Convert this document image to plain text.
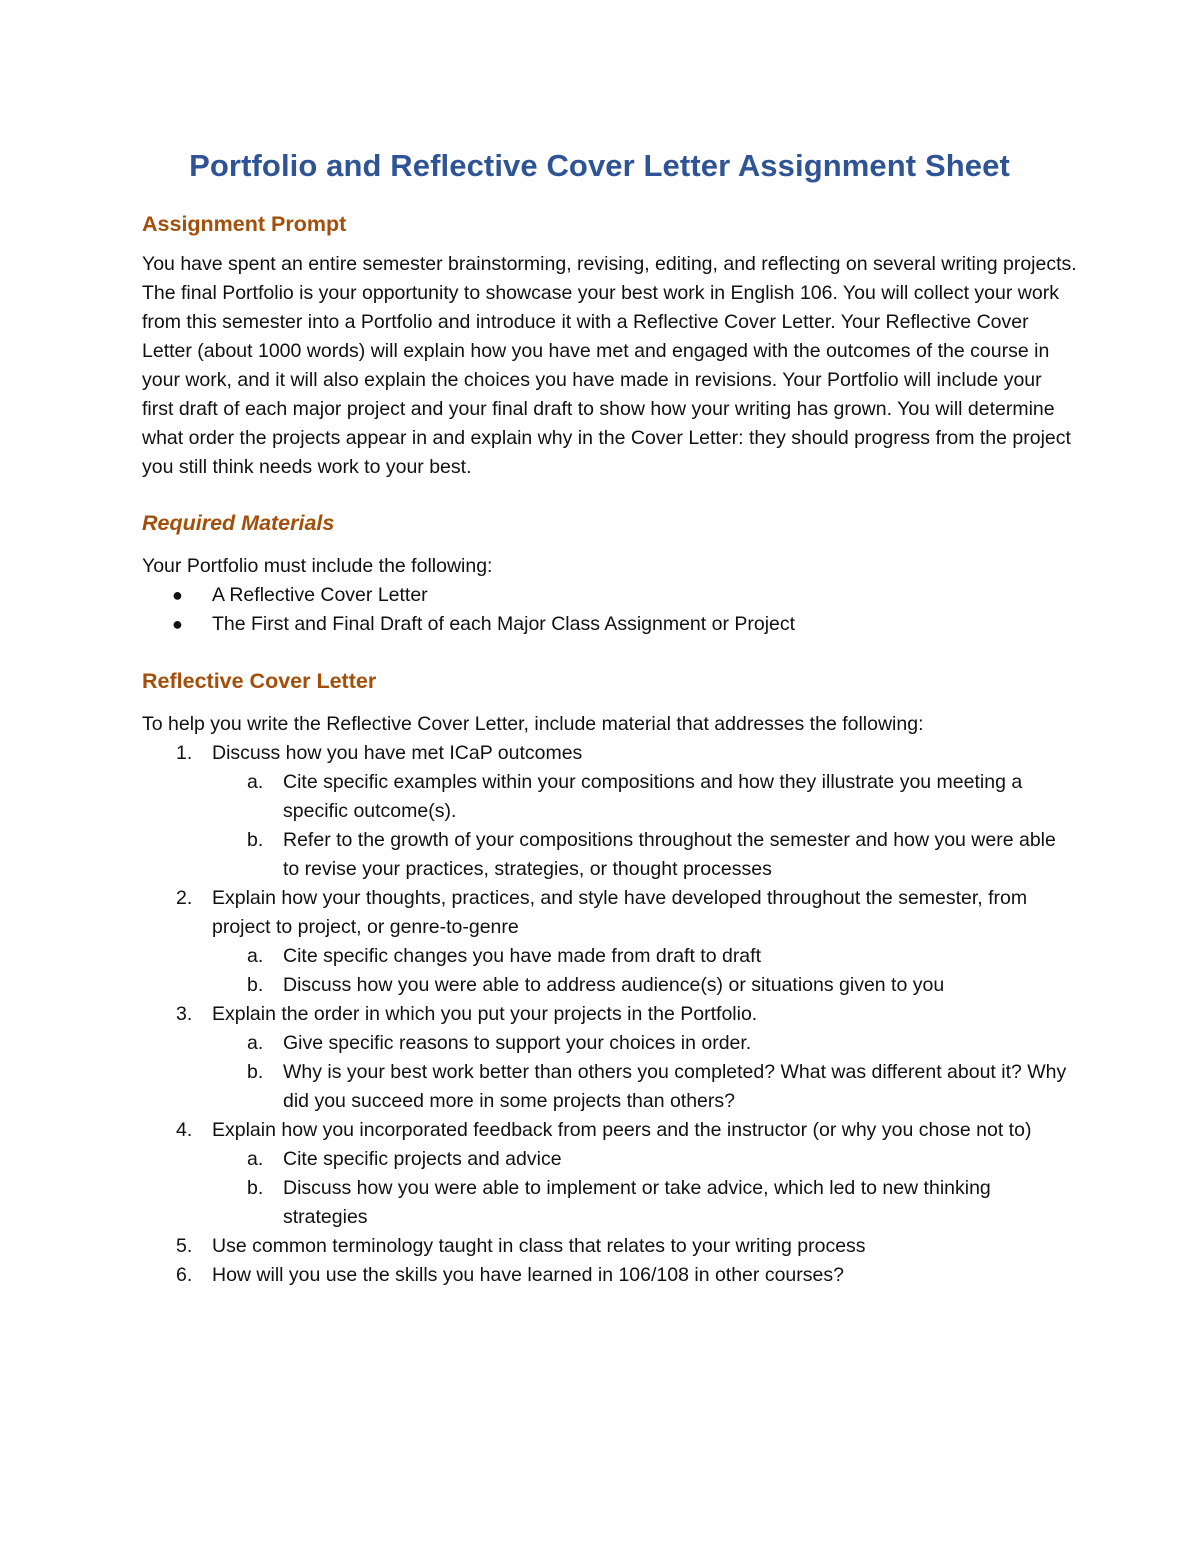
Portfolio and Reflective Cover Letter Assignment Sheet
Assignment Prompt

You have spent an entire semester brainstorming, revising, editing, and reflecting on several writing projects. The final Portfolio is your opportunity to showcase your best work in English 106. You will collect your work from this semester into a Portfolio and introduce it with a Reflective Cover Letter. Your Reflective Cover Letter (about 1000 words) will explain how you have met and engaged with the outcomes of the course in your work, and it will also explain the choices you have made in revisions. Your Portfolio will include your first draft of each major project and your final draft to show how your writing has grown. You will determine what order the projects appear in and explain why in the Cover Letter: they should progress from the project you still think needs work to your best.

Required Materials

Your Portfolio must include the following:

● A Reflective Cover Letter
● The First and Final Draft of each Major Class Assignment or Project
Reflective Cover Letter

To help you write the Reflective Cover Letter, include material that addresses the following:

1. Discuss how you have met ICaP outcomes
a. Cite specific examples within your compositions and how they illustrate you meeting a specific outcome(s).
b. Refer to the growth of your compositions throughout the semester and how you were able to revise your practices, strategies, or thought processes
2. Explain how your thoughts, practices, and style have developed throughout the semester, from project to project, or genre-to-genre
a. Cite specific changes you have made from draft to draft
b. Discuss how you were able to address audience(s) or situations given to you
3. Explain the order in which you put your projects in the Portfolio.
a. Give specific reasons to support your choices in order.
b. Why is your best work better than others you completed? What was different about it? Why did you succeed more in some projects than others?
4. Explain how you incorporated feedback from peers and the instructor (or why you chose not to)
a. Cite specific projects and advice
b. Discuss how you were able to implement or take advice, which led to new thinking strategies
5. Use common terminology taught in class that relates to your writing process
6. How will you use the skills you have learned in 106/108 in other courses?
